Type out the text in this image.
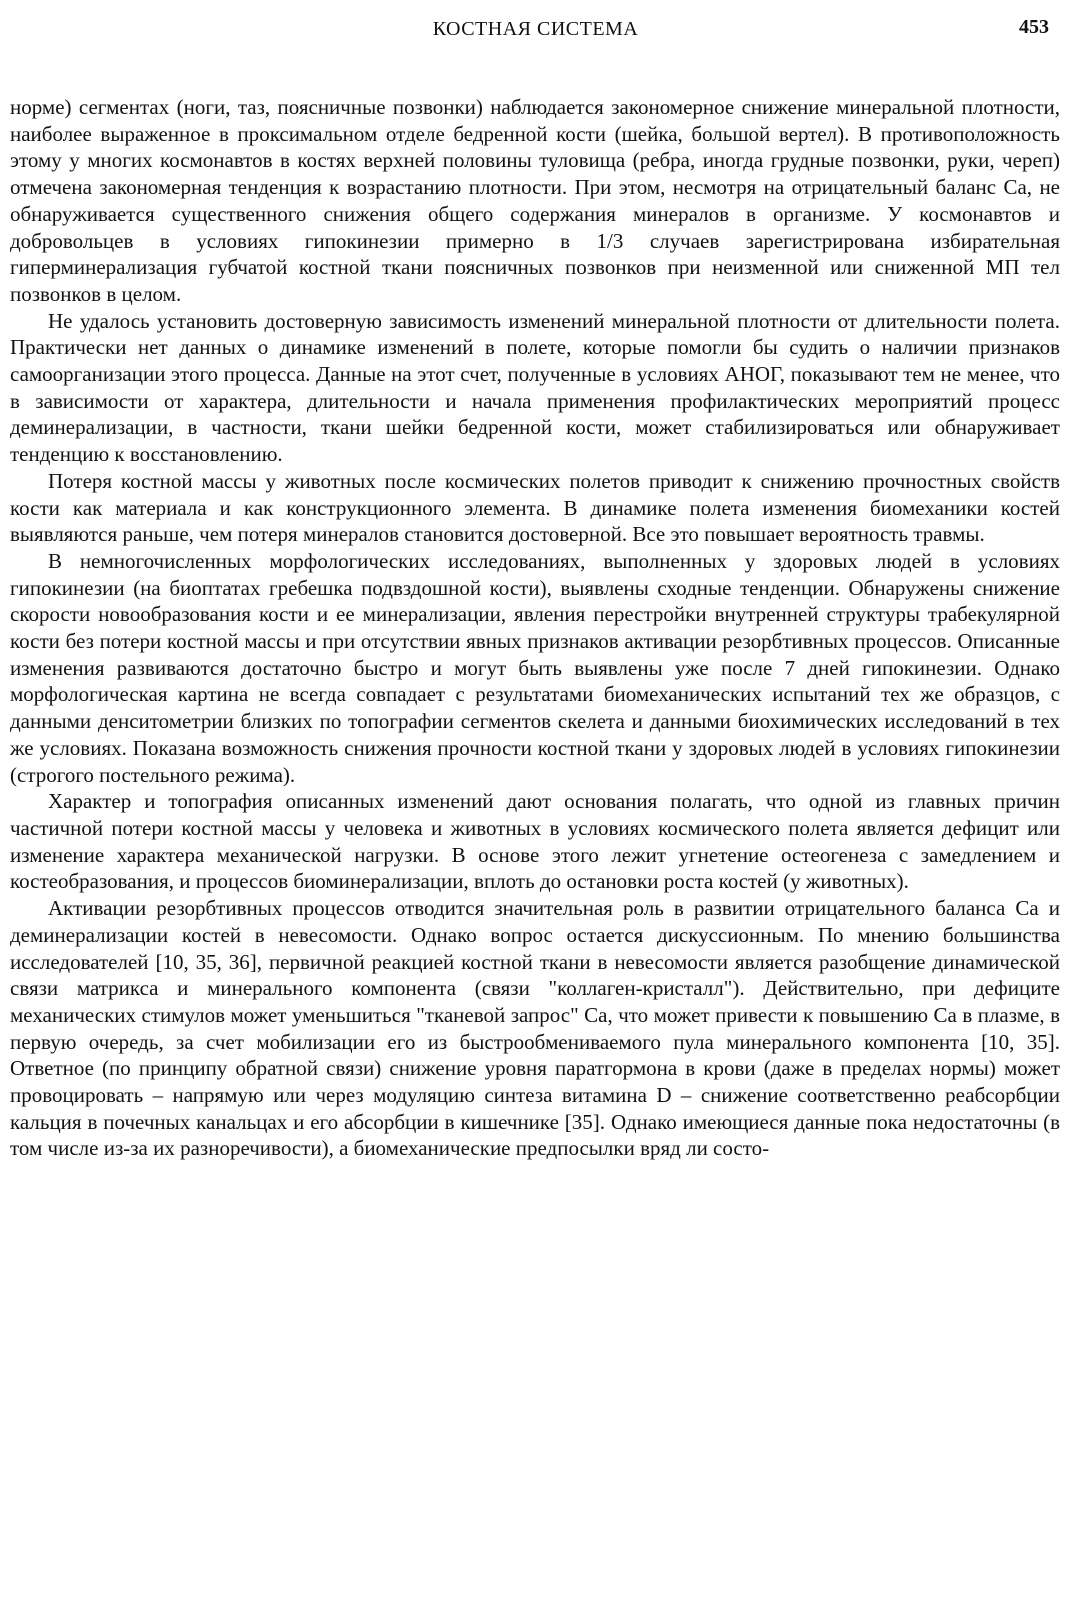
КОСТНАЯ СИСТЕМА	453

норме) сегментах (ноги, таз, поясничные позвонки) наблюдается закономерное снижение минеральной плотности, наиболее выраженное в проксимальном отделе бедренной кости (шейка, большой вертел). В противоположность этому у многих космонавтов в костях верхней половины туловища (ребра, иногда грудные позвонки, руки, череп) отмечена закономерная тенденция к возрастанию плотности. При этом, несмотря на отрицательный баланс Са, не обнаруживается существенного снижения общего содержания минералов в организме. У космонавтов и добровольцев в условиях гипокинезии примерно в 1/3 случаев зарегистрирована избирательная гиперминерализация губчатой костной ткани поясничных позвонков при неизменной или сниженной МП тел позвонков в целом.

Не удалось установить достоверную зависимость изменений минеральной плотности от длительности полета. Практически нет данных о динамике изменений в полете, которые помогли бы судить о наличии признаков самоорганизации этого процесса. Данные на этот счет, полученные в условиях АНОГ, показывают тем не менее, что в зависимости от характера, длительности и начала применения профилактических мероприятий процесс деминерализации, в частности, ткани шейки бедренной кости, может стабилизироваться или обнаруживает тенденцию к восстановлению.

Потеря костной массы у животных после космических полетов приводит к снижению прочностных свойств кости как материала и как конструкционного элемента. В динамике полета изменения биомеханики костей выявляются раньше, чем потеря минералов становится достоверной. Все это повышает вероятность травмы.

В немногочисленных морфологических исследованиях, выполненных у здоровых людей в условиях гипокинезии (на биоптатах гребешка подвздошной кости), выявлены сходные тенденции. Обнаружены снижение скорости новообразования кости и ее минерализации, явления перестройки внутренней структуры трабекулярной кости без потери костной массы и при отсутствии явных признаков активации резорбтивных процессов. Описанные изменения развиваются достаточно быстро и могут быть выявлены уже после 7 дней гипокинезии. Однако морфологическая картина не всегда совпадает с результатами биомеханических испытаний тех же образцов, с данными денситометрии близких по топографии сегментов скелета и данными биохимических исследований в тех же условиях. Показана возможность снижения прочности костной ткани у здоровых людей в условиях гипокинезии (строгого постельного режима).

Характер и топография описанных изменений дают основания полагать, что одной из главных причин частичной потери костной массы у человека и животных в условиях космического полета является дефицит или изменение характера механической нагрузки. В основе этого лежит угнетение остеогенеза с замедлением и костеобразования, и процессов биоминерализации, вплоть до остановки роста костей (у животных).

Активации резорбтивных процессов отводится значительная роль в развитии отрицательного баланса Са и деминерализации костей в невесомости. Однако вопрос остается дискуссионным. По мнению большинства исследователей [10, 35, 36], первичной реакцией костной ткани в невесомости является разобщение динамической связи матрикса и минерального компонента (связи "коллаген-кристалл"). Действительно, при дефиците механических стимулов может уменьшиться "тканевой запрос" Са, что может привести к повышению Са в плазме, в первую очередь, за счет мобилизации его из быстрообмениваемого пула минерального компонента [10, 35]. Ответное (по принципу обратной связи) снижение уровня паратгормона в крови (даже в пределах нормы) может провоцировать – напрямую или через модуляцию синтеза витамина D – снижение соответственно реабсорбции кальция в почечных канальцах и его абсорбции в кишечнике [35]. Однако имеющиеся данные пока недостаточны (в том числе из-за их разноречивости), а биомеханические предпосылки вряд ли состо-
